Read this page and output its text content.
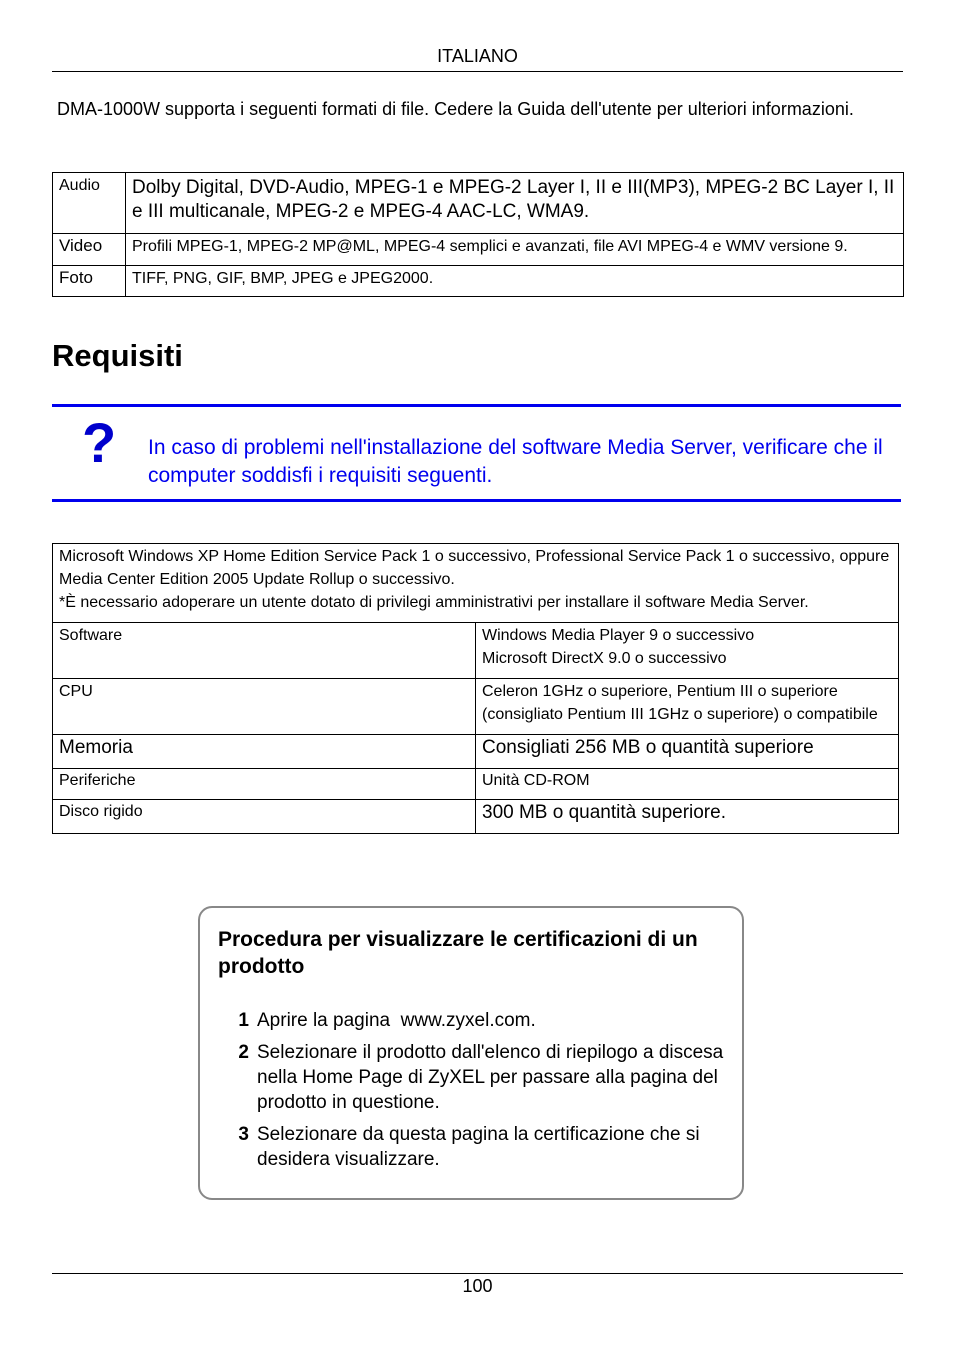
ITALIANO
DMA-1000W supporta i seguenti formati di file. Cedere la Guida dell'utente per ulteriori informazioni.
Audio	Dolby Digital, DVD-Audio, MPEG-1 e MPEG-2 Layer I, II e III(MP3), MPEG-2 BC Layer I, II e III multicanale, MPEG-2 e MPEG-4 AAC-LC, WMA9.
Video	Profili MPEG-1, MPEG-2 MP@ML, MPEG-4 semplici e avanzati, file AVI MPEG-4 e WMV versione 9.
Foto	TIFF, PNG, GIF, BMP, JPEG e JPEG2000.
Requisiti
? In caso di problemi nell'installazione del software Media Server, verificare che il computer soddisfi i requisiti seguenti.
Microsoft Windows XP Home Edition Service Pack 1 o successivo, Professional Service Pack 1 o successivo, oppure Media Center Edition 2005 Update Rollup o successivo.
*È necessario adoperare un utente dotato di privilegi amministrativi per installare il software Media Server.	

Software	Windows Media Player 9 o successivo
Microsoft DirectX 9.0 o successivo

CPU	Celeron 1GHz o superiore, Pentium III o superiore (consigliato Pentium III 1GHz o superiore) o compatibile
Memoria	Consigliati 256 MB o quantità superiore
Periferiche	Unità CD-ROM
Disco rigido	300 MB o quantità superiore.
Procedura per visualizzare le certificazioni di un prodotto
1 Aprire la pagina  www.zyxel.com.
2 Selezionare il prodotto dall'elenco di riepilogo a discesa nella Home Page di ZyXEL per passare alla pagina del prodotto in questione.
3 Selezionare da questa pagina la certificazione che si desidera visualizzare.
100
